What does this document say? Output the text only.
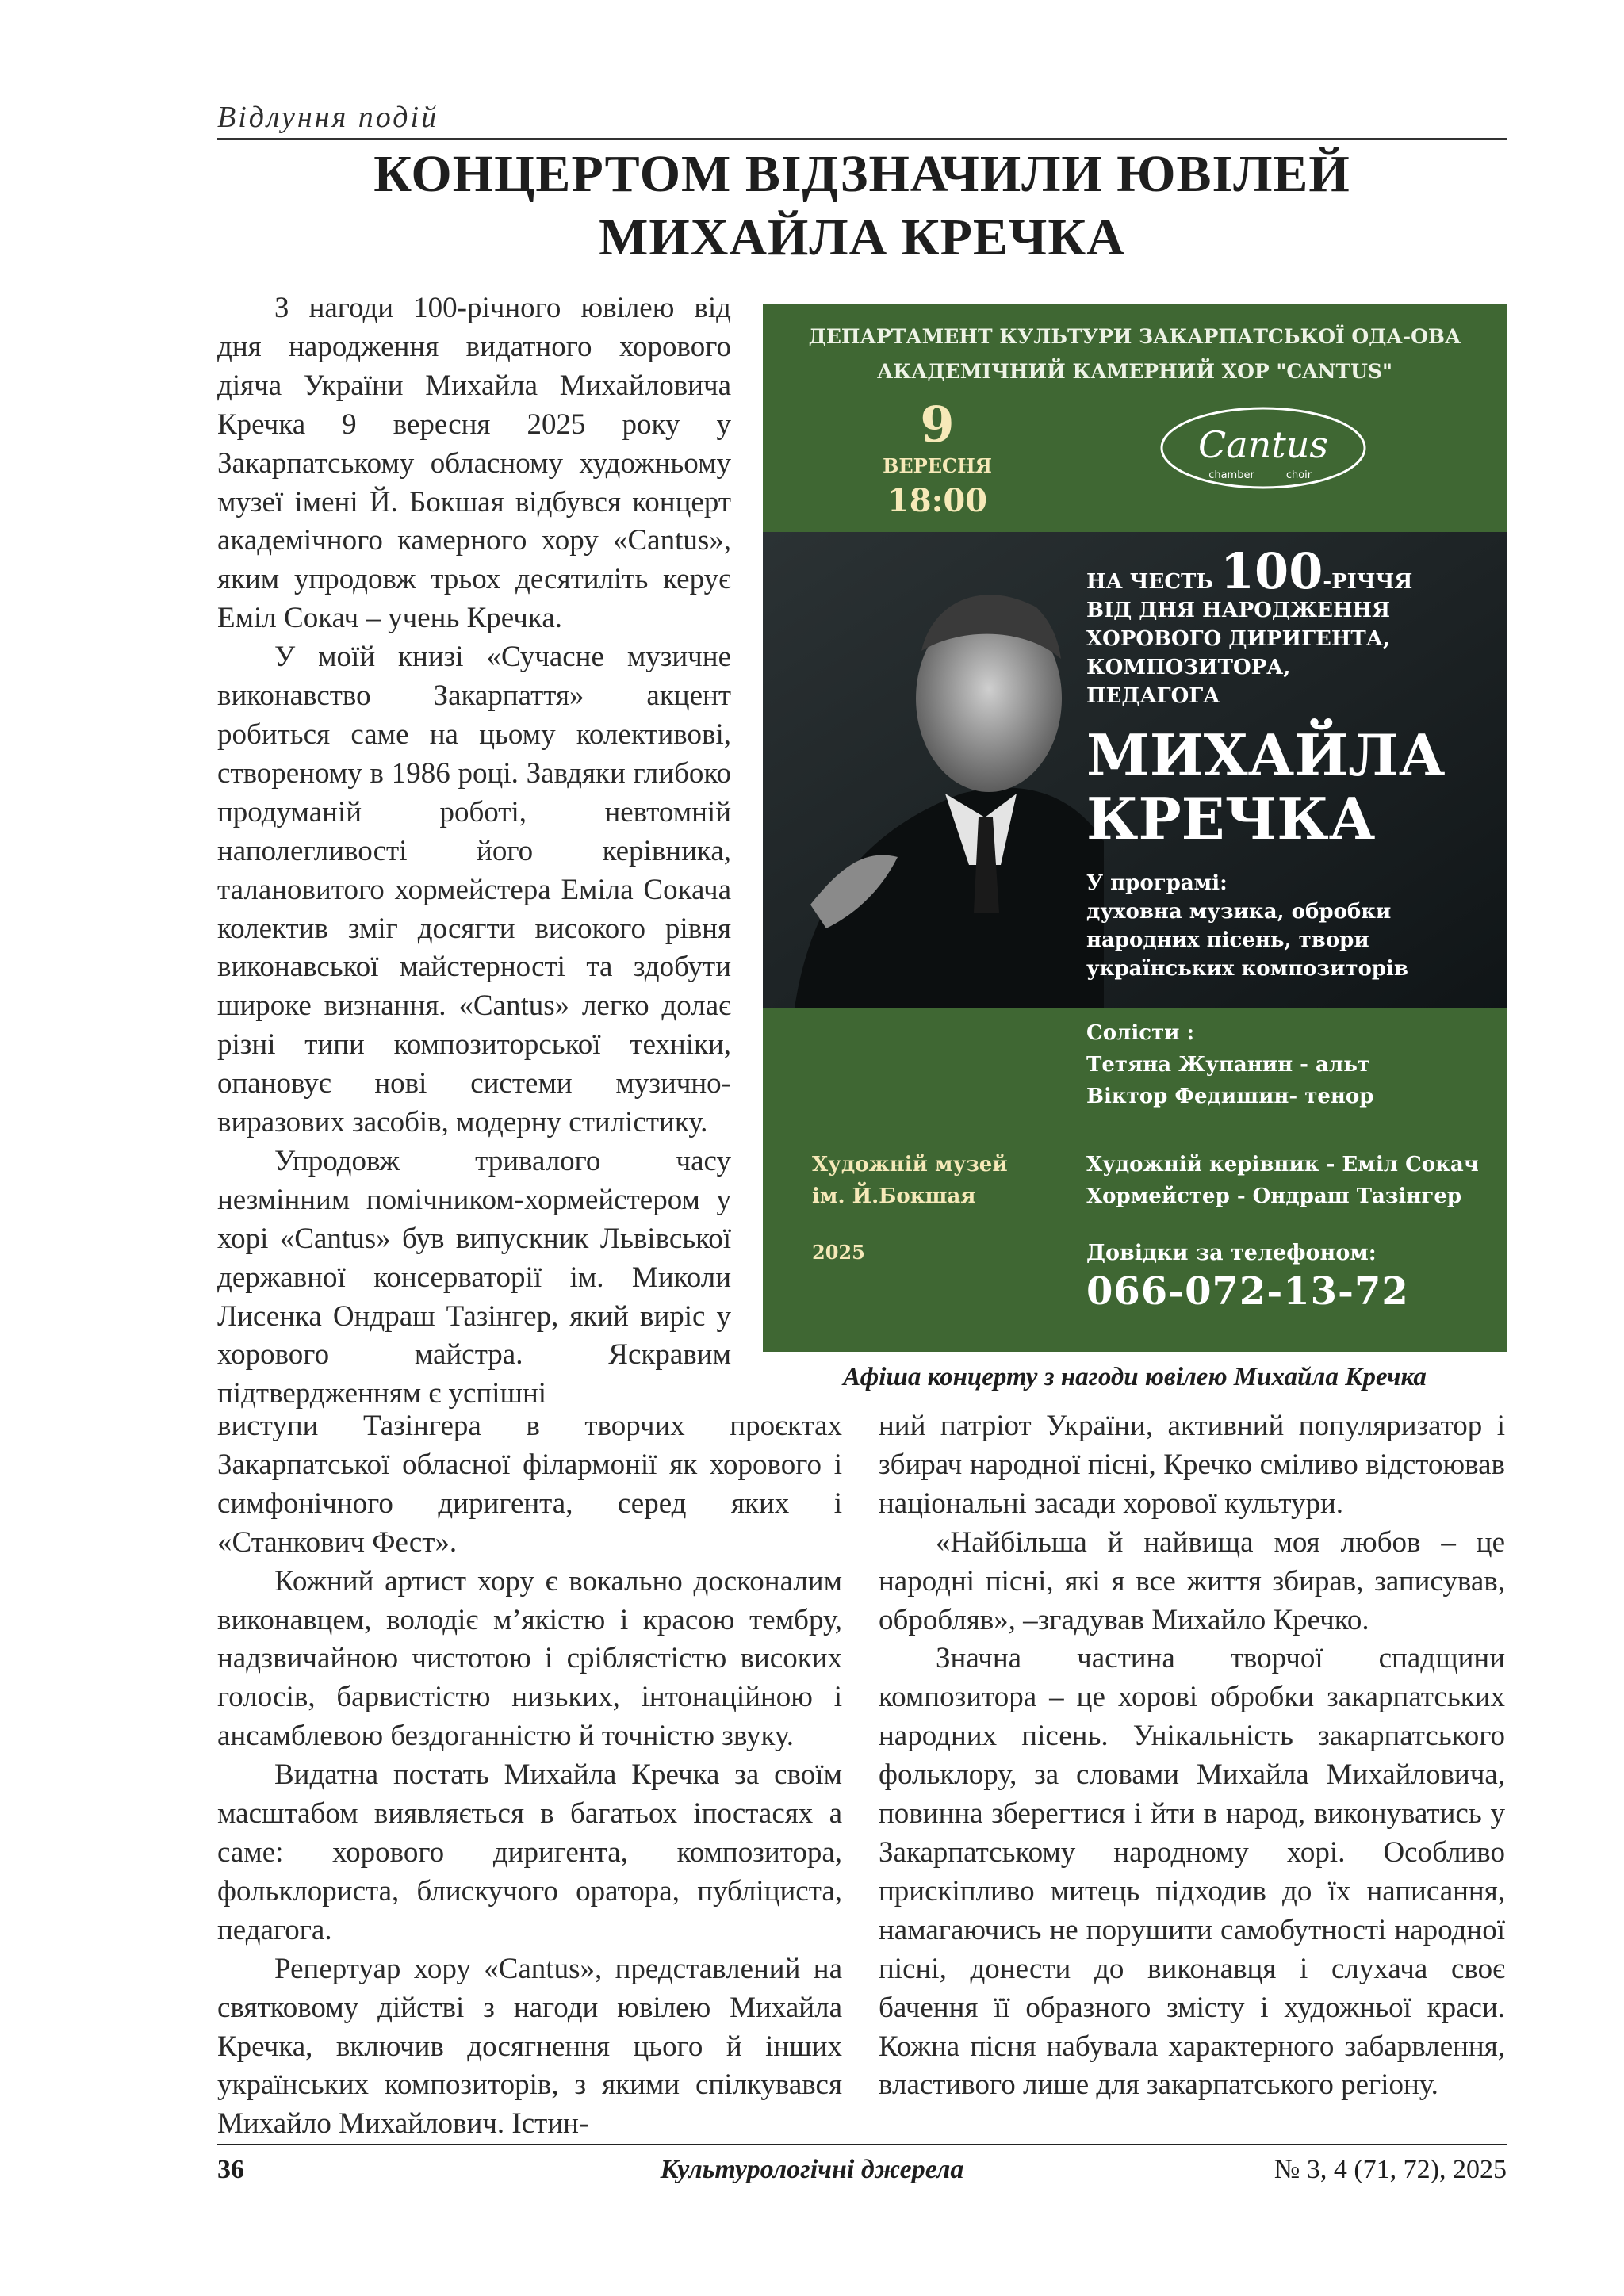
Відлуння подій
КОНЦЕРТОМ ВІДЗНАЧИЛИ ЮВІЛЕЙ
МИХАЙЛА КРЕЧКА

З нагоди 100-річного ювілею від дня народження видатного хорового діяча України Михайла Михайловича Кречка 9 вересня 2025 року у Закарпатському обласному художньому музеї імені Й. Бокшая відбувся концерт академічного камерного хору «Cantus», яким упродовж трьох десятиліть керує Еміл Сокач – учень Кречка.

У моїй книзі «Сучасне музичне виконавство Закарпаття» акцент робиться саме на цьому колективові, створеному в 1986 році. Завдяки глибоко продуманій роботі, невтомній наполегливості його керівника, талановитого хормейстера Еміла Сокача колектив зміг досягти високого рівня виконавської майстерності та здобути широке визнання. «Cantus» легко долає різні типи композиторської техніки, опановує нові системи музично-виразових засобів, модерну стилістику.

Упродовж тривалого часу незмінним помічником-хормейстером у хорі «Cantus» був випускник Львівської державної консерваторії ім. Миколи Лисенка Ондраш Тазінгер, який виріс у хорового майстра. Яскравим підтвердженням є успішні

ДЕПАРТАМЕНТ КУЛЬТУРИ ЗАКАРПАТСЬКОЇ ОДА-ОВА
АКАДЕМІЧНИЙ КАМЕРНИЙ ХОР "CANTUS"
9
ВЕРЕСНЯ
18:00
Cantus
chamber	choir
НА ЧЕСТЬ 100-РІЧЧЯ
ВІД ДНЯ НАРОДЖЕННЯ
ХОРОВОГО ДИРИГЕНТА,
КОМПОЗИТОРА,
ПЕДАГОГА
МИХАЙЛА
КРЕЧКА
У програмі:
духовна музика, обробки
народних пісень, твори
українських композиторів
Солісти :
Тетяна Жупанин - альт
Віктор Федишин- тенор
Художній музей
ім. Й.Бокшая
2025
Художній керівник - Еміл Сокач
Хормейстер - Ондраш Тазінгер
Довідки за телефоном:
066-072-13-72
Афіша концерту з нагоди ювілею Михайла Кречка

виступи Тазінгера в творчих проєктах Закарпатської обласної філармонії як хорового і симфонічного диригента, серед яких і «Станкович Фест».

Кожний артист хору є вокально досконалим виконавцем, володіє м’якістю і красою тембру, надзвичайною чистотою і сріблястістю високих голосів, барвистістю низьких, інтонаційною і ансамблевою бездоганністю й точністю звуку.

Видатна постать Михайла Кречка за своїм масштабом виявляється в багатьох іпостасях а саме: хорового диригента, композитора, фольклориста, блискучого оратора, публіциста, педагога.

Репертуар хору «Cantus», представлений на святковому дійстві з нагоди ювілею Михайла Кречка, включив досягнення цього й інших українських композиторів, з якими спілкувався Михайло Михайлович. Істин-

ний патріот України, активний популяризатор і збирач народної пісні, Кречко сміливо відстоював національні засади хорової культури.

«Найбільша й найвища моя любов – це народні пісні, які я все життя збирав, записував, обробляв», –згадував Михайло Кречко.

Значна частина творчої спадщини композитора – це хорові обробки закарпатських народних пісень. Унікальність закарпатського фольклору, за словами Михайла Михайловича, повинна зберегтися і йти в народ, виконуватись у Закарпатському народному хорі. Особливо прискіпливо митець підходив до їх написання, намагаючись не порушити самобутності народної пісні, донести до виконавця і слухача своє бачення її образного змісту і художньої краси. Кожна пісня набувала характерного забарвлення, властивого лише для закарпатського регіону.

36	Культурологічні джерела	№ 3, 4 (71, 72), 2025
